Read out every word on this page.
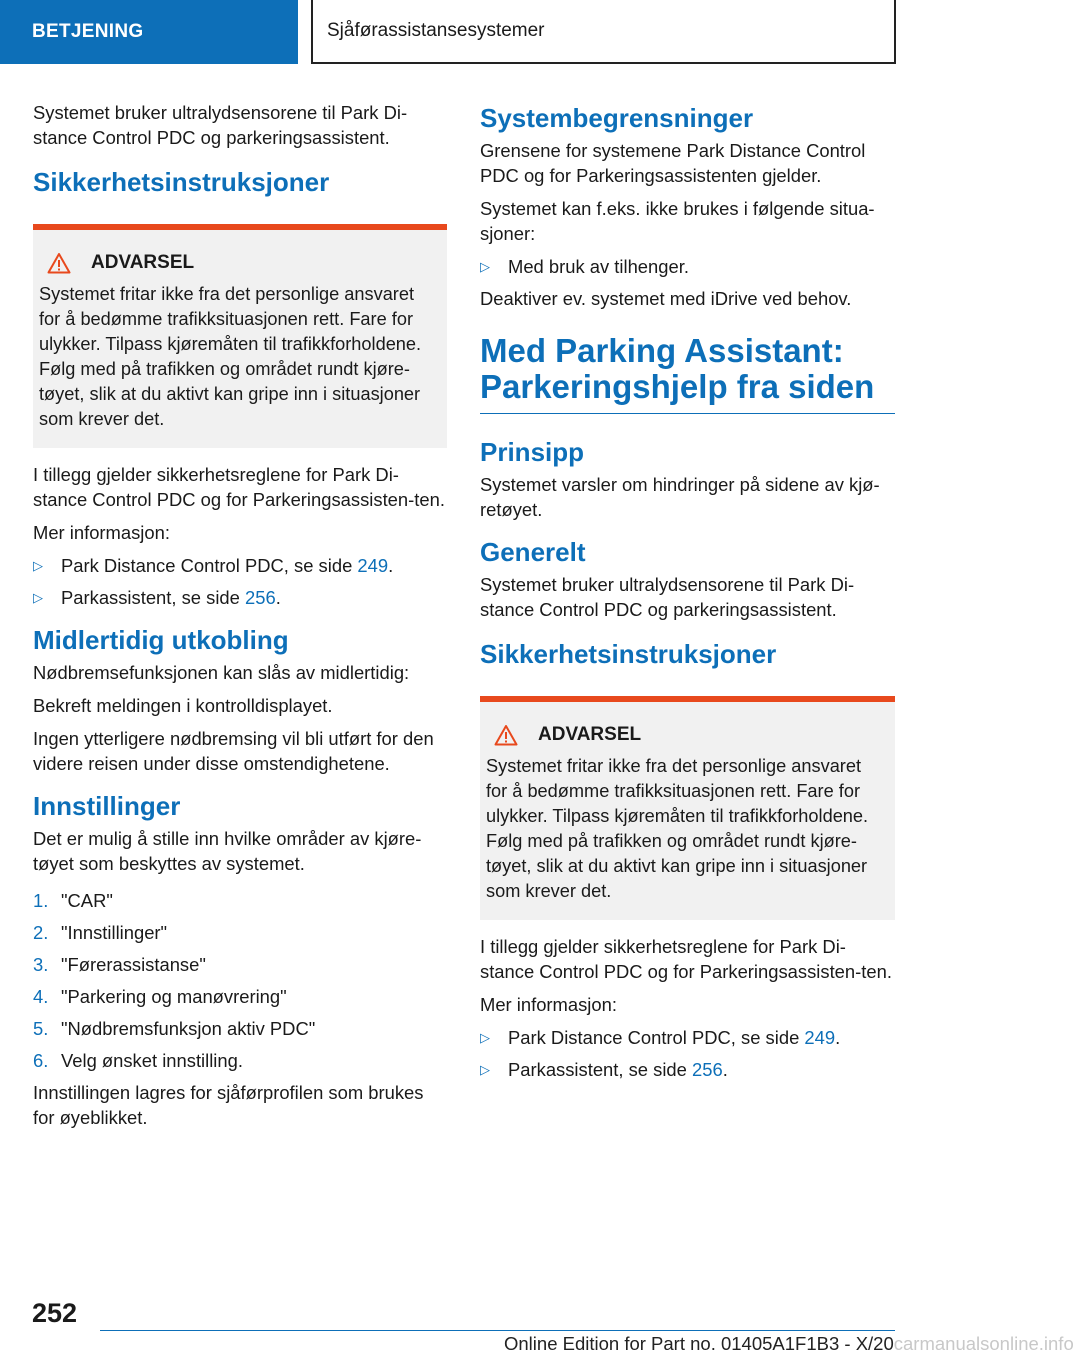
BETJENING	Sjåførassistansesystemer

Systemet bruker ultralydsensorene til Park Di-stance Control PDC og parkeringsassistent.

Sikkerhetsinstruksjoner
ADVARSEL

Systemet fritar ikke fra det personlige ansvaret for å bedømme trafikksituasjonen rett. Fare for ulykker. Tilpass kjøremåten til trafikkforholdene. Følg med på trafikken og området rundt kjøre-tøyet, slik at du aktivt kan gripe inn i situasjoner som krever det.

I tillegg gjelder sikkerhetsreglene for Park Di-stance Control PDC og for Parkeringsassisten-ten.

Mer informasjon:

▷ Park Distance Control PDC, se side 249.
▷ Parkassistent, se side 256.
Midlertidig utkobling

Nødbremsefunksjonen kan slås av midlertidig:

Bekreft meldingen i kontrolldisplayet.

Ingen ytterligere nødbremsing vil bli utført for den videre reisen under disse omstendighetene.

Innstillinger

Det er mulig å stille inn hvilke områder av kjøre-tøyet som beskyttes av systemet.

1. "CAR"
2. "Innstillinger"
3. "Førerassistanse"
4. "Parkering og manøvrering"
5. "Nødbremsfunksjon aktiv PDC"
6. Velg ønsket innstilling.

Innstillingen lagres for sjåførprofilen som brukes for øyeblikket.

Systembegrensninger

Grensene for systemene Park Distance Control PDC og for Parkeringsassistenten gjelder.

Systemet kan f.eks. ikke brukes i følgende situa-sjoner:

▷ Med bruk av tilhenger.

Deaktiver ev. systemet med iDrive ved behov.

Med Parking Assistant: Parkeringshjelp fra siden
Prinsipp

Systemet varsler om hindringer på sidene av kjø-retøyet.

Generelt

Systemet bruker ultralydsensorene til Park Di-stance Control PDC og parkeringsassistent.

Sikkerhetsinstruksjoner
ADVARSEL

Systemet fritar ikke fra det personlige ansvaret for å bedømme trafikksituasjonen rett. Fare for ulykker. Tilpass kjøremåten til trafikkforholdene. Følg med på trafikken og området rundt kjøre-tøyet, slik at du aktivt kan gripe inn i situasjoner som krever det.

I tillegg gjelder sikkerhetsreglene for Park Di-stance Control PDC og for Parkeringsassisten-ten.

Mer informasjon:

▷ Park Distance Control PDC, se side 249.
▷ Parkassistent, se side 256.
252
Online Edition for Part no. 01405A1F1B3 - X/20carmanualsonline.info
